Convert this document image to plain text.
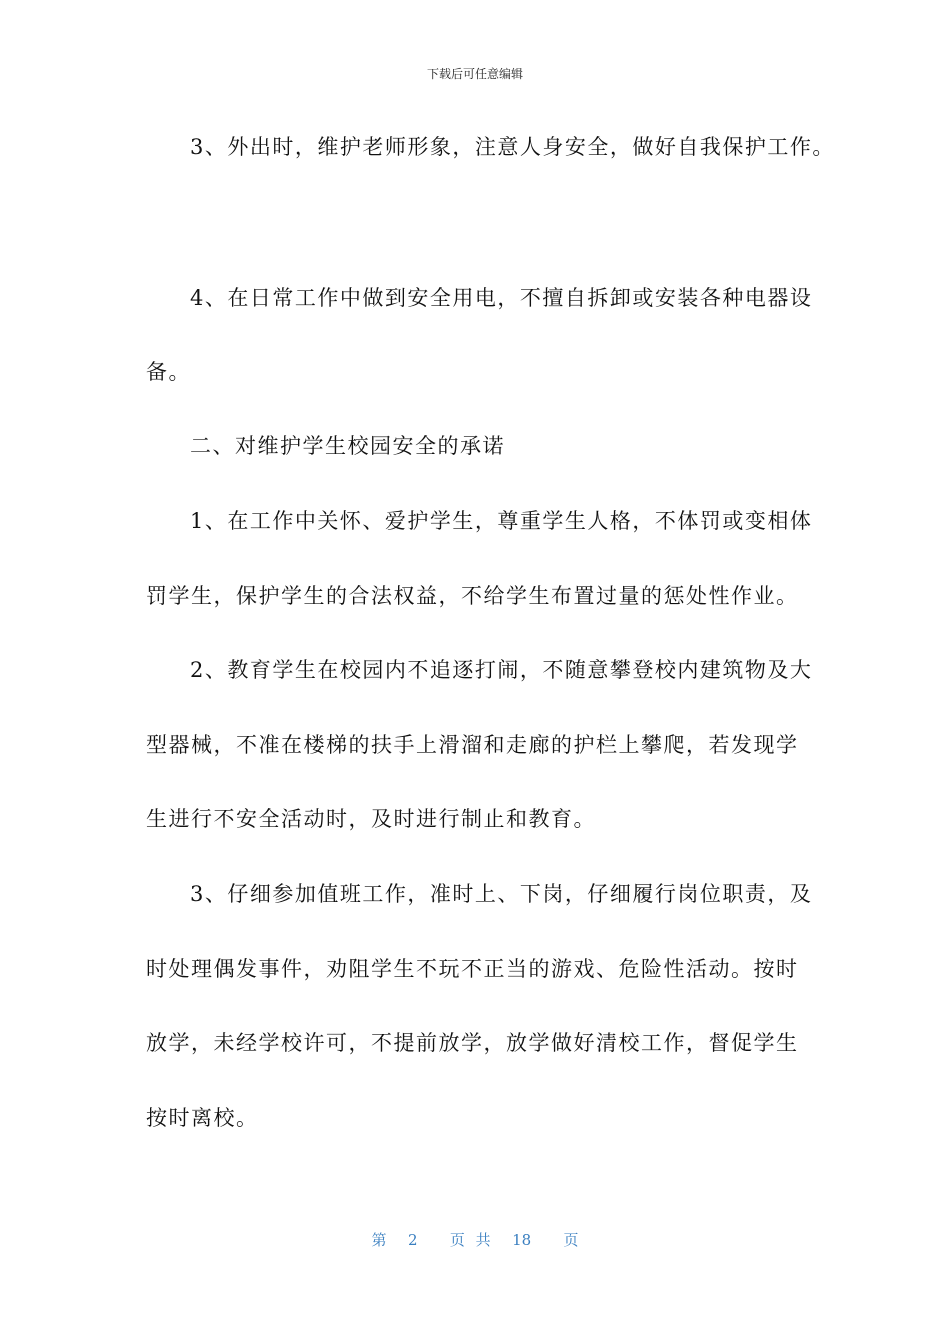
下载后可任意编辑
3、外出时，维护老师形象，注意人身安全，做好自我保护工作。
4、在日常工作中做到安全用电，不擅自拆卸或安装各种电器设
备。
二、对维护学生校园安全的承诺
1、在工作中关怀、爱护学生，尊重学生人格，不体罚或变相体
罚学生，保护学生的合法权益，不给学生布置过量的惩处性作业。
2、教育学生在校园内不追逐打闹，不随意攀登校内建筑物及大
型器械，不准在楼梯的扶手上滑溜和走廊的护栏上攀爬，若发现学
生进行不安全活动时，及时进行制止和教育。
3、仔细参加值班工作，准时上、下岗，仔细履行岗位职责，及
时处理偶发事件，劝阻学生不玩不正当的游戏、危险性活动。按时
放学，未经学校许可，不提前放学，放学做好清校工作，督促学生
按时离校。
第  2   页 共  18   页
